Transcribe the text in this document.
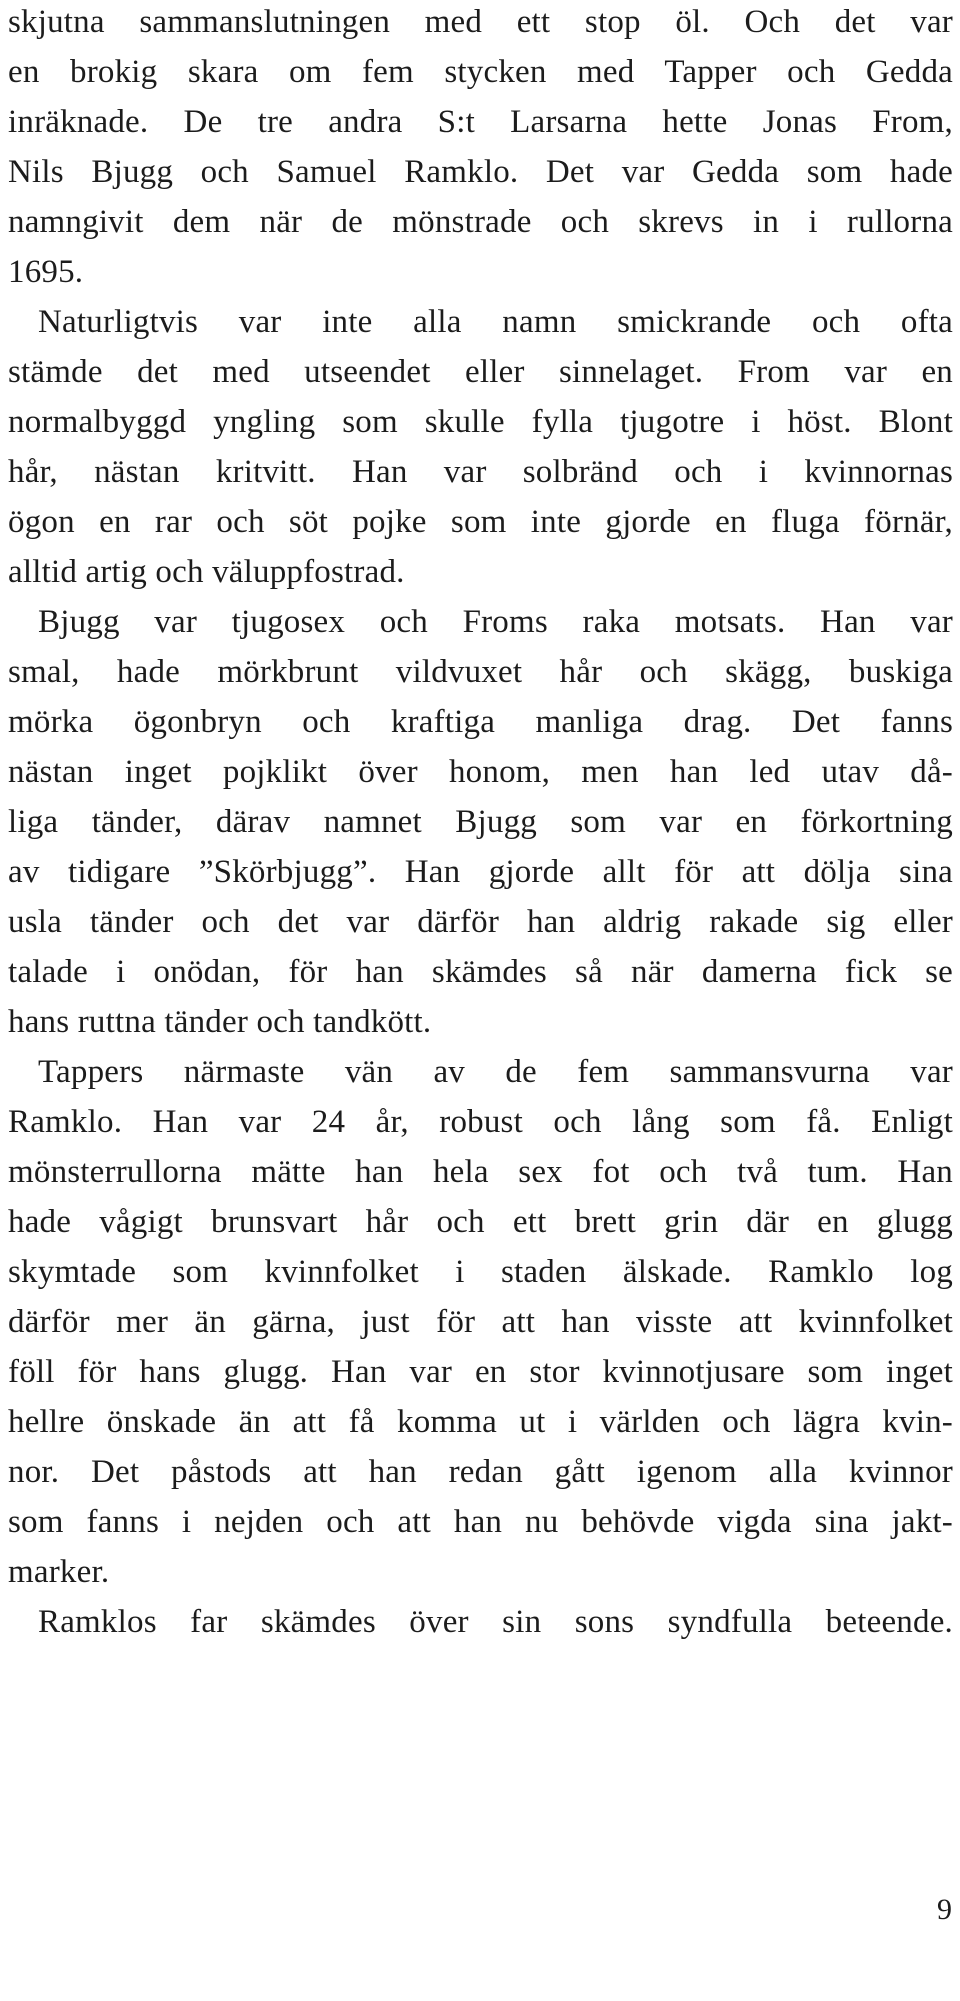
skjutna sammanslutningen med ett stop öl. Och det var
en brokig skara om fem stycken med Tapper och Gedda
inräknade. De tre andra S:t Larsarna hette Jonas From,
Nils Bjugg och Samuel Ramklo. Det var Gedda som hade
namngivit dem när de mönstrade och skrevs in i rullorna
1695.
Naturligtvis var inte alla namn smickrande och ofta
stämde det med utseendet eller sinnelaget. From var en
normalbyggd yngling som skulle fylla tjugotre i höst. Blont
hår, nästan kritvitt. Han var solbränd och i kvinnornas
ögon en rar och söt pojke som inte gjorde en fluga förnär,
alltid artig och väluppfostrad.
Bjugg var tjugosex och Froms raka motsats. Han var
smal, hade mörkbrunt vildvuxet hår och skägg, buskiga
mörka ögonbryn och kraftiga manliga drag. Det fanns
nästan inget pojklikt över honom, men han led utav då-
liga tänder, därav namnet Bjugg som var en förkortning
av tidigare ”Skörbjugg”. Han gjorde allt för att dölja sina
usla tänder och det var därför han aldrig rakade sig eller
talade i onödan, för han skämdes så när damerna fick se
hans ruttna tänder och tandkött.
Tappers närmaste vän av de fem sammansvurna var
Ramklo. Han var 24 år, robust och lång som få. Enligt
mönsterrullorna mätte han hela sex fot och två tum. Han
hade vågigt brunsvart hår och ett brett grin där en glugg
skymtade som kvinnfolket i staden älskade. Ramklo log
därför mer än gärna, just för att han visste att kvinnfolket
föll för hans glugg. Han var en stor kvinnotjusare som inget
hellre önskade än att få komma ut i världen och lägra kvin-
nor. Det påstods att han redan gått igenom alla kvinnor
som fanns i nejden och att han nu behövde vigda sina jakt-
marker.
Ramklos far skämdes över sin sons syndfulla beteende.
9
